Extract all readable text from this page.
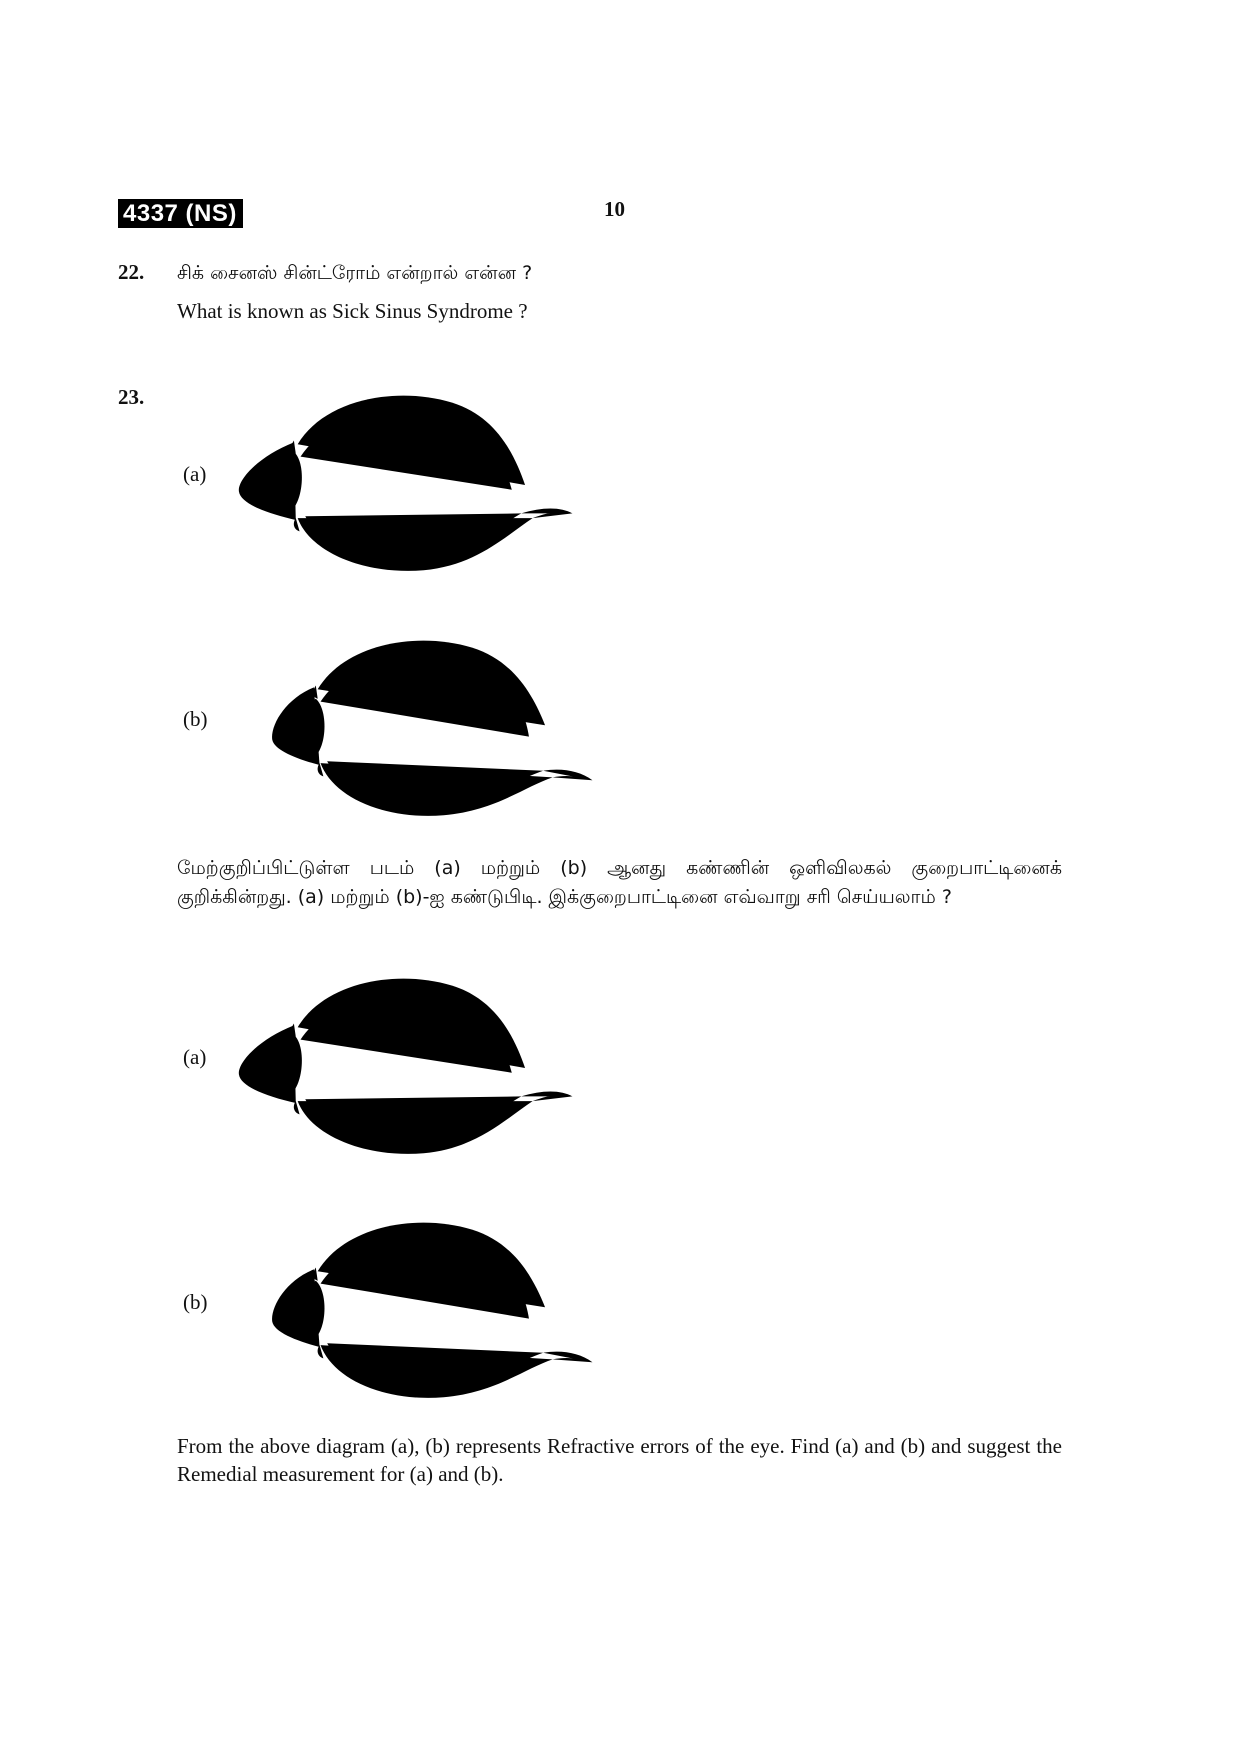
4337 (NS)	10
22. சிக் சைனஸ் சின்ட்ரோம் என்றால் என்ன ?
What is known as Sick Sinus Syndrome ?
23.
(a)
(b)
மேற்குறிப்பிட்டுள்ள படம் (a) மற்றும் (b) ஆனது கண்ணின் ஒளிவிலகல் குறைபாட்டினைக் குறிக்கின்றது. (a) மற்றும் (b)-ஐ கண்டுபிடி. இக்குறைபாட்டினை எவ்வாறு சரி செய்யலாம் ?
(a)
(b)
From the above diagram (a), (b) represents Refractive errors of the eye. Find (a) and (b) and suggest the Remedial measurement for (a) and (b).
